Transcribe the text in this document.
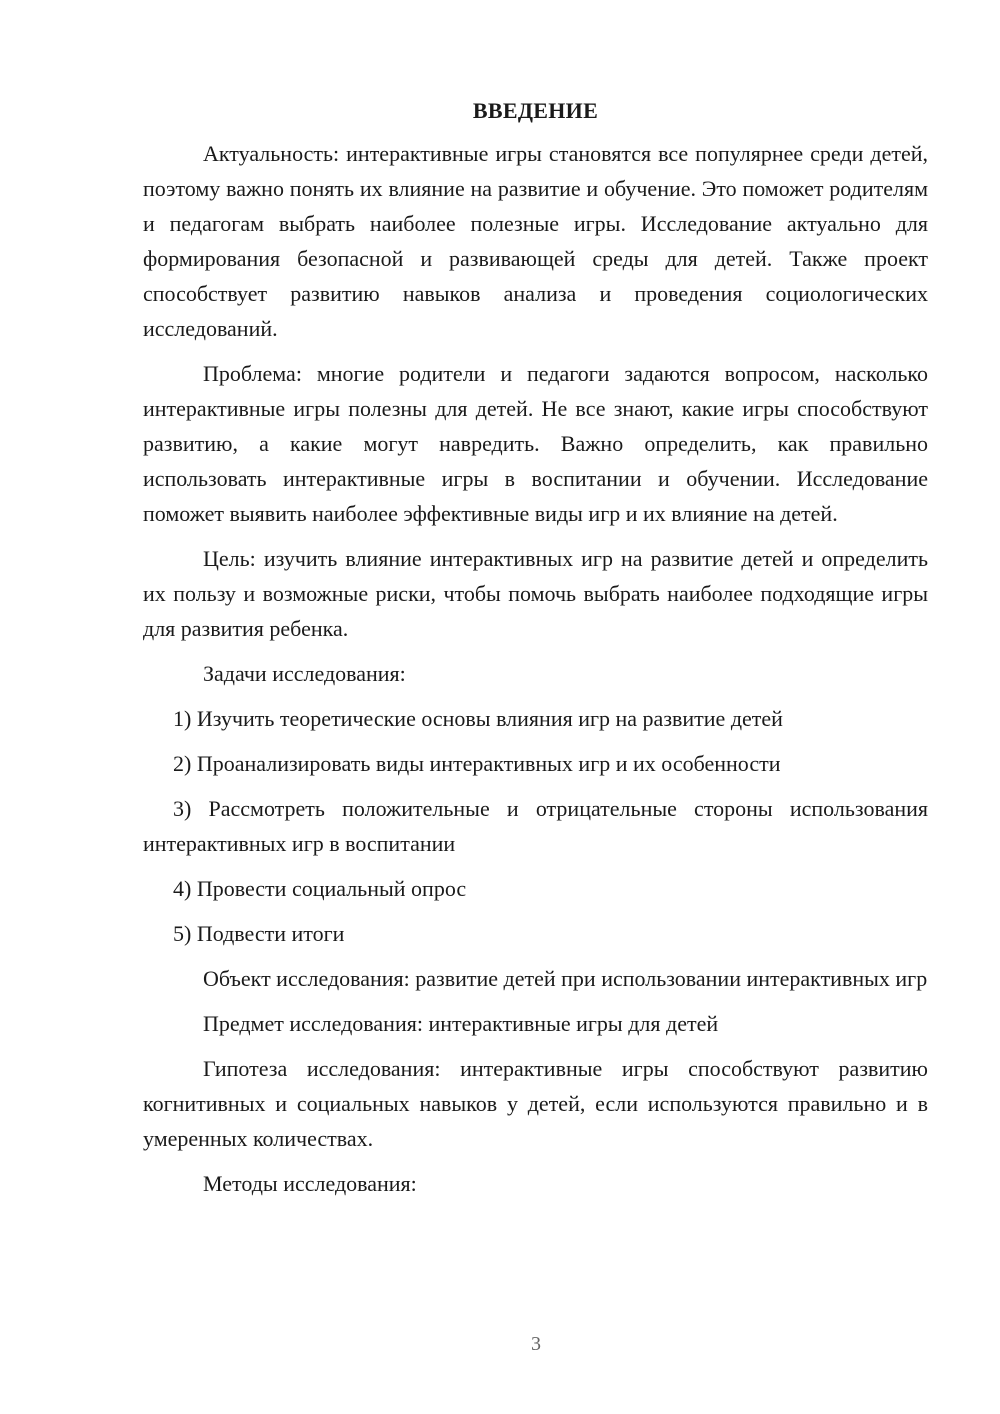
ВВЕДЕНИЕ

Актуальность: интерактивные игры становятся все популярнее среди детей, поэтому важно понять их влияние на развитие и обучение. Это поможет родителям и педагогам выбрать наиболее полезные игры. Исследование актуально для формирования безопасной и развивающей среды для детей. Также проект способствует развитию навыков анализа и проведения социологических исследований.

Проблема: многие родители и педагоги задаются вопросом, насколько интерактивные игры полезны для детей. Не все знают, какие игры способствуют развитию, а какие могут навредить. Важно определить, как правильно использовать интерактивные игры в воспитании и обучении. Исследование поможет выявить наиболее эффективные виды игр и их влияние на детей.

Цель: изучить влияние интерактивных игр на развитие детей и определить их пользу и возможные риски, чтобы помочь выбрать наиболее подходящие игры для развития ребенка.

Задачи исследования:

1) Изучить теоретические основы влияния игр на развитие детей

2) Проанализировать виды интерактивных игр и их особенности

3) Рассмотреть положительные и отрицательные стороны использования интерактивных игр в воспитании

4) Провести социальный опрос

5) Подвести итоги

Объект исследования: развитие детей при использовании интерактивных игр

Предмет исследования: интерактивные игры для детей

Гипотеза исследования: интерактивные игры способствуют развитию когнитивных и социальных навыков у детей, если используются правильно и в умеренных количествах.

Методы исследования:

3
